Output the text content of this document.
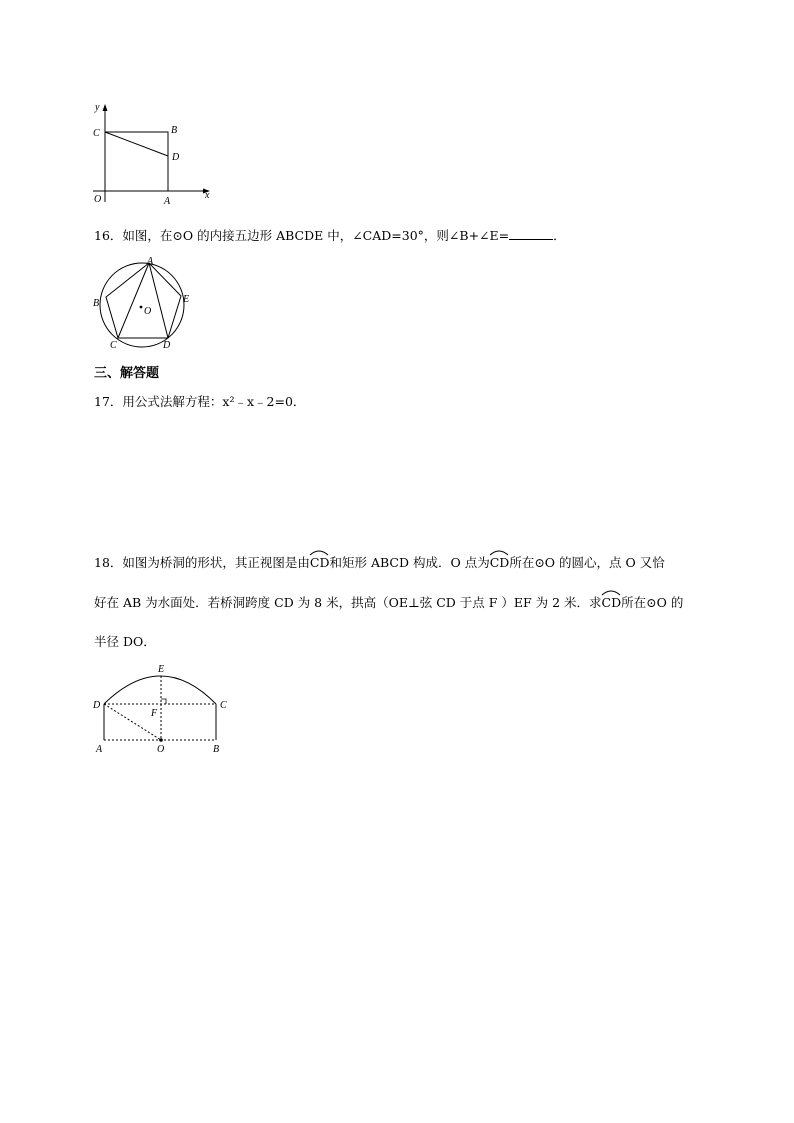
y
x
O
C	B
D
A
16．如图，在⊙O 的内接五边形 ABCDE 中，∠CAD=30°，则∠B+∠E=	．
A
B
C	D
E
O
三、解答题
17．用公式法解方程：x²﹣x﹣2=0．
18．如图为桥洞的形状，其正视图是由
CD和矩形 ABCD 构成．O 点为
CD所在⊙O 的圆心，点 O 又恰
好在 AB 为水面处．若桥洞跨度 CD 为 8 米，拱高（OE⊥弦 CD 于点 F ）EF 为 2 米．求
CD所在⊙O 的
半径 DO．
E
D	C
F
A	O	B
